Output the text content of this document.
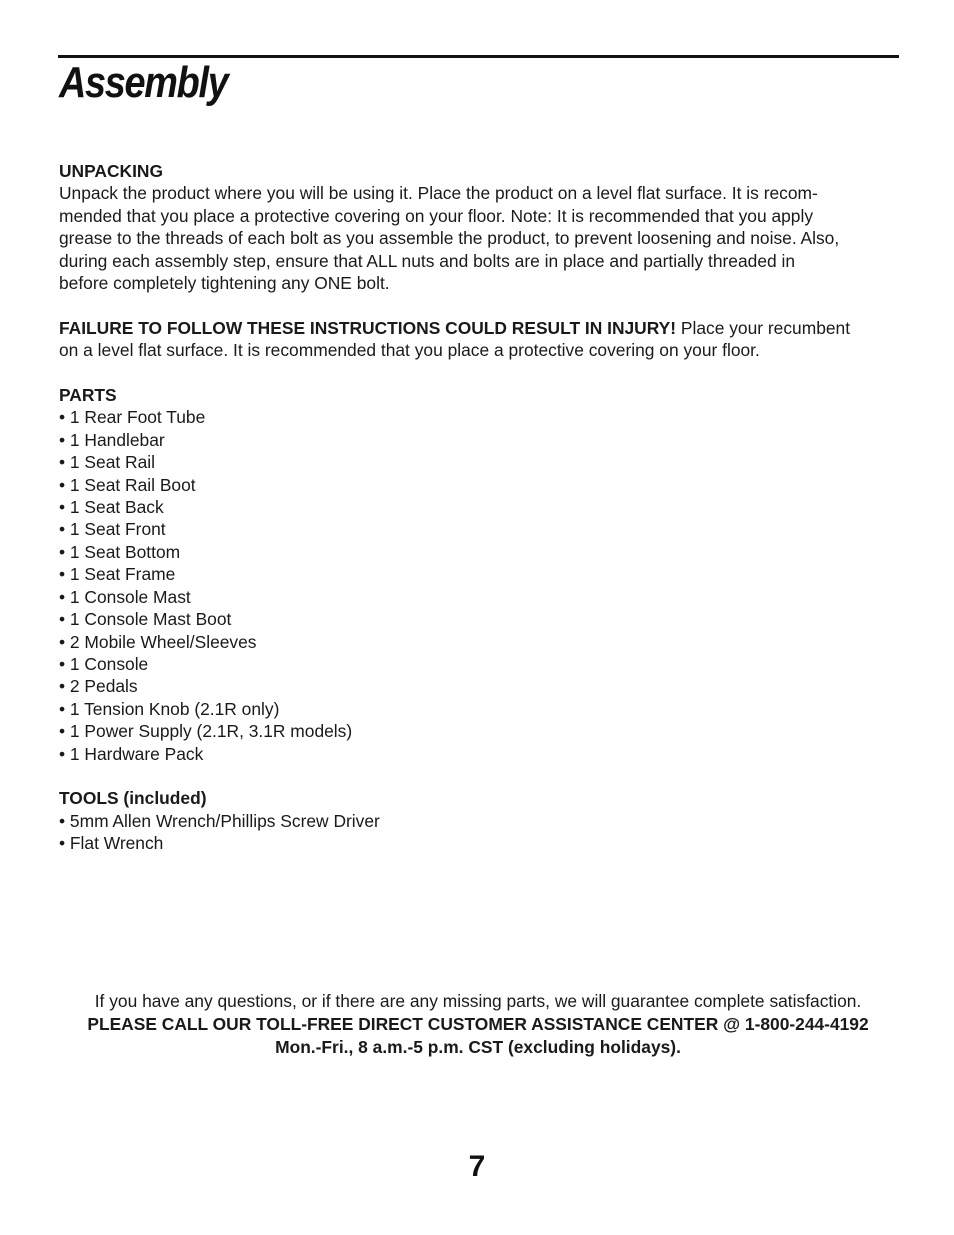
Assembly

UNPACKING

Unpack the product where you will be using it. Place the product on a level flat surface. It is recom-
mended that you place a protective covering on your floor. Note: It is recommended that you apply
grease to the threads of each bolt as you assemble the product, to prevent loosening and noise. Also,
during each assembly step, ensure that ALL nuts and bolts are in place and partially threaded in
before completely tightening any ONE bolt.
FAILURE TO FOLLOW THESE INSTRUCTIONS COULD RESULT IN INJURY! Place your recumbent
on a level flat surface. It is recommended that you place a protective covering on your floor.

PARTS

• 1 Rear Foot Tube
• 1 Handlebar
• 1 Seat Rail
• 1 Seat Rail Boot
• 1 Seat Back
• 1 Seat Front
• 1 Seat Bottom
• 1 Seat Frame
• 1 Console Mast
• 1 Console Mast Boot
• 2 Mobile Wheel/Sleeves
• 1 Console
• 2 Pedals
• 1 Tension Knob (2.1R only)
• 1 Power Supply (2.1R, 3.1R models)
• 1 Hardware Pack

TOOLS (included)

• 5mm Allen Wrench/Phillips Screw Driver
• Flat Wrench
If you have any questions, or if there are any missing parts, we will guarantee complete satisfaction.
PLEASE CALL OUR TOLL-FREE DIRECT CUSTOMER ASSISTANCE CENTER @ 1-800-244-4192
Mon.-Fri., 8 a.m.-5 p.m. CST (excluding holidays).
7
